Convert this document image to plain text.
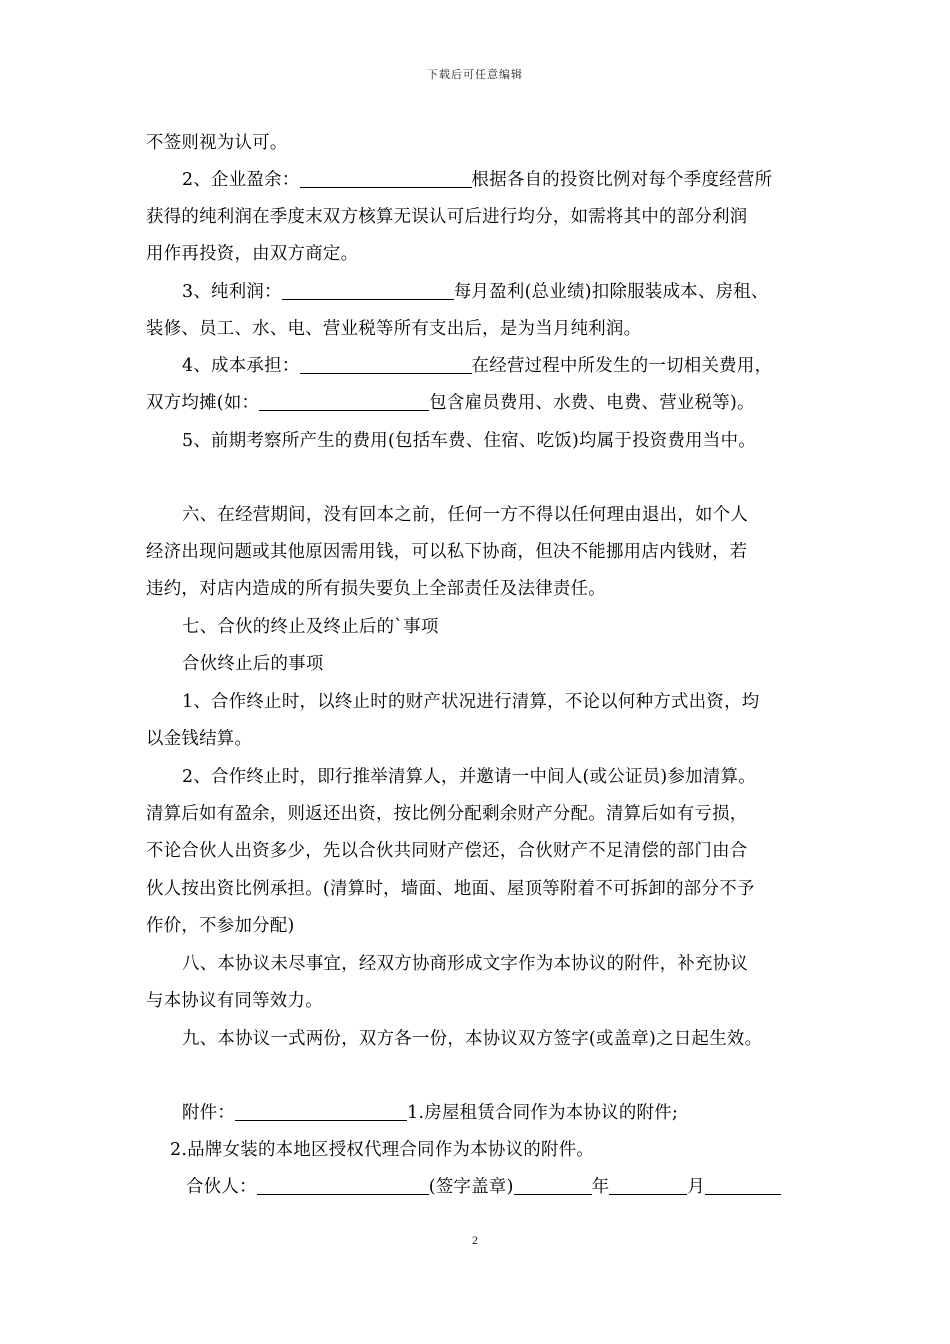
下载后可任意编辑
不签则视为认可。
2、企业盈余：	根据各自的投资比例对每个季度经营所
获得的纯利润在季度末双方核算无误认可后进行均分，如需将其中的部分利润
用作再投资，由双方商定。
3、纯利润：	每月盈利(总业绩)扣除服装成本、房租、
装修、员工、水、电、营业税等所有支出后，是为当月纯利润。
4、成本承担：	在经营过程中所发生的一切相关费用，
双方均摊(如：	包含雇员费用、水费、电费、营业税等)。
5、前期考察所产生的费用(包括车费、住宿、吃饭)均属于投资费用当中。
六、在经营期间，没有回本之前，任何一方不得以任何理由退出，如个人
经济出现问题或其他原因需用钱，可以私下协商，但决不能挪用店内钱财，若
违约，对店内造成的所有损失要负上全部责任及法律责任。
七、合伙的终止及终止后的`事项
合伙终止后的事项
1、合作终止时，以终止时的财产状况进行清算，不论以何种方式出资，均
以金钱结算。
2、合作终止时，即行推举清算人，并邀请一中间人(或公证员)参加清算。
清算后如有盈余，则返还出资，按比例分配剩余财产分配。清算后如有亏损，
不论合伙人出资多少，先以合伙共同财产偿还，合伙财产不足清偿的部门由合
伙人按出资比例承担。(清算时，墙面、地面、屋顶等附着不可拆卸的部分不予
作价，不参加分配)
八、本协议未尽事宜，经双方协商形成文字作为本协议的附件，补充协议
与本协议有同等效力。
九、本协议一式两份，双方各一份，本协议双方签字(或盖章)之日起生效。
附件：	1.房屋租赁合同作为本协议的附件;
2.品牌女装的本地区授权代理合同作为本协议的附件。
合伙人：	(签字盖章)	年	月
2
